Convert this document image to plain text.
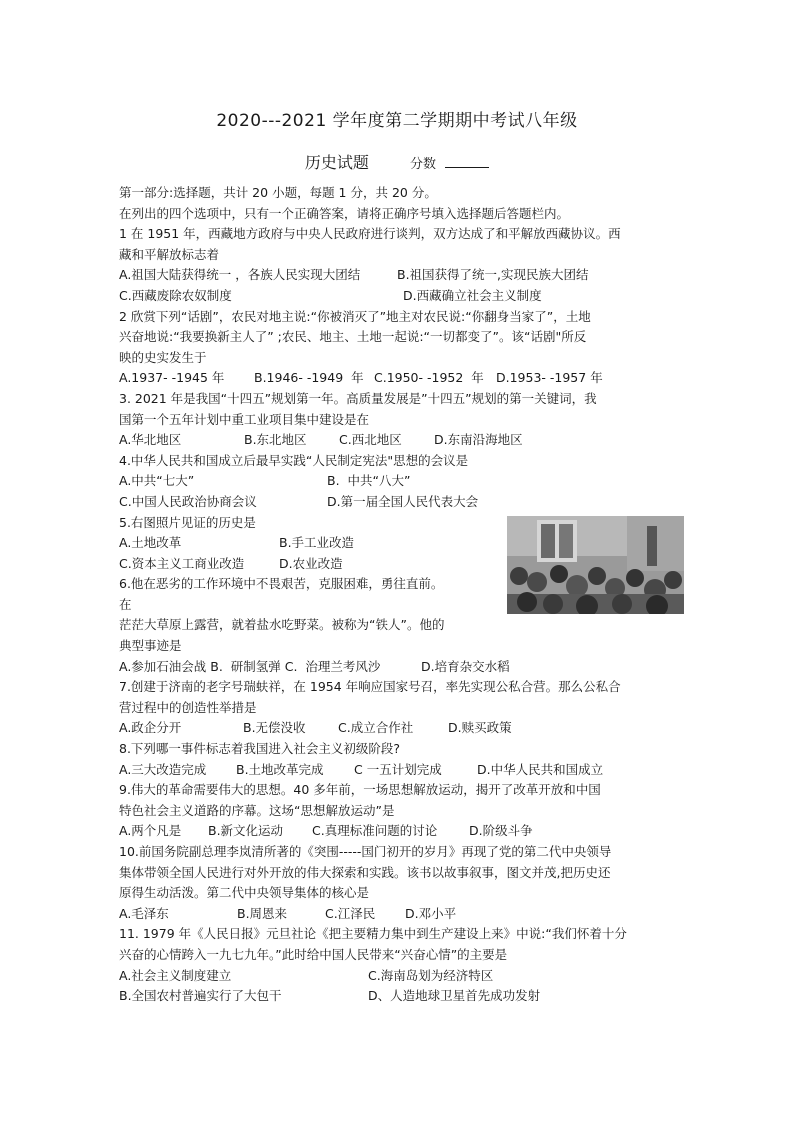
2020---2021 学年度第二学期期中考试八年级
历史试题	分数
第一部分:选择题，共计 20 小题，每题 1 分，共 20 分。
在列出的四个选项中，只有一个正确答案，请将正确序号填入选择题后答题栏内。
1 在 1951 年，西藏地方政府与中央人民政府进行谈判，双方达成了和平解放西藏协议。西
藏和平解放标志着
A.祖国大陆获得统一 ，各族人民实现大团结	B.祖国获得了统一,实现民族大团结
C.西藏废除农奴制度	D.西藏确立社会主义制度
2 欣赏下列“话剧”，农民对地主说:“你被消灭了”地主对农民说:“你翻身当家了”，土地
兴奋地说:“我要换新主人了” ;农民、地主、土地一起说:“一切都变了”。该“话剧"所反
映的史实发生于
A.1937- -1945 年	B.1946- -1949  年 C.1950- -1952  年 D.1953- -1957 年
3. 2021 年是我国“十四五”规划第一年。高质量发展是”十四五”规划的第一关键词，我
国第一个五年计划中重工业项目集中建设是在
A.华北地区	B.东北地区	C.西北地区	D.东南沿海地区
4.中华人民共和国成立后最早实践“人民制定宪法"思想的会议是
A.中共“七大”	B.  中共“八大”
C.中国人民政治协商会议	D.第一届全国人民代表大会
5.右图照片见证的历史是
A.土地改革	B.手工业改造
C.资本主义工商业改造	D.农业改造
6.他在恶劣的工作环境中不畏艰苦，克服困难，勇往直前。
在
茫茫大草原上露营，就着盐水吃野菜。被称为“铁人”。他的
典型事迹是
A.参加石油会战 B.  研制氢弹 C.  治理兰考风沙	D.培育杂交水稻
7.创建于济南的老字号瑞蚨祥，在 1954 年响应国家号召，率先实现公私合营。那么公私合
营过程中的创造性举措是
A.政企分开	B.无偿没收	C.成立合作社	D.赎买政策
8.下列哪一事件标志着我国进入社会主义初级阶段?
A.三大改造完成	B.土地改革完成	C 一五计划完成	D.中华人民共和国成立
9.伟大的革命需要伟大的思想。40 多年前，一场思想解放运动，揭开了改革开放和中国
特色社会主义道路的序幕。这场“思想解放运动”是
A.两个凡是	B.新文化运动	C.真理标准问题的讨论	D.阶级斗争
10.前国务院副总理李岚清所著的《突围-----国门初开的岁月》再现了党的第二代中央领导
集体带领全国人民进行对外开放的伟大探索和实践。该书以故事叙事，图文并茂,把历史还
原得生动活泼。第二代中央领导集体的核心是
A.毛泽东	B.周恩来	C.江泽民	D.邓小平
11. 1979 年《人民日报》元旦社论《把主要精力集中到生产建设上来》中说:“我们怀着十分
兴奋的心情跨入一九七九年。”此时给中国人民带来“兴奋心情”的主要是
A.社会主义制度建立	C.海南岛划为经济特区
B.全国农村普遍实行了大包干	D、人造地球卫星首先成功发射
